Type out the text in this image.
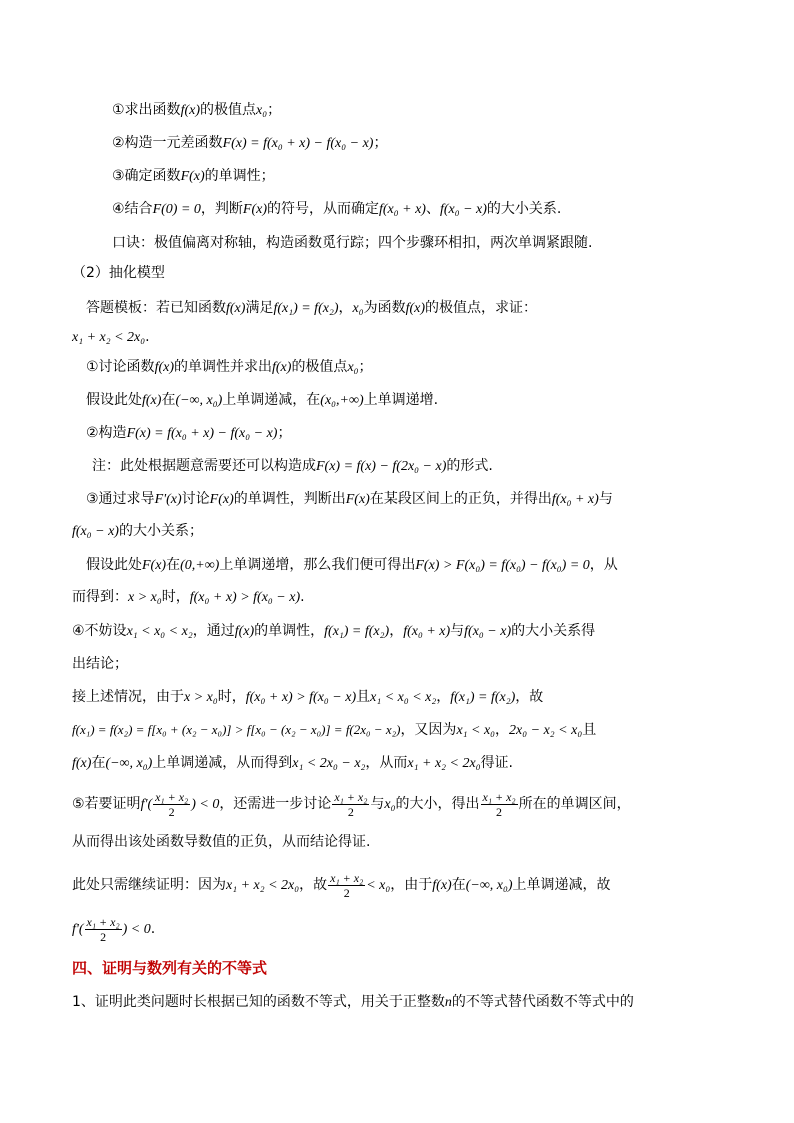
①求出函数f(x)的极值点x₀；
②构造一元差函数F(x) = f(x₀ + x) − f(x₀ − x)；
③确定函数F(x)的单调性；
④结合F(0) = 0，判断F(x)的符号，从而确定f(x₀ + x)、f(x₀ − x)的大小关系.
口诀：极值偏离对称轴，构造函数觅行踪；四个步骤环相扣，两次单调紧跟随.
（2）抽化模型
答题模板：若已知函数f(x)满足f(x₁) = f(x₂)，x₀为函数f(x)的极值点，求证：
x₁ + x₂ < 2x₀.
①讨论函数f(x)的单调性并求出f(x)的极值点x₀；
假设此处f(x)在(−∞, x₀)上单调递减，在(x₀,+∞)上单调递增.
②构造F(x) = f(x₀ + x) − f(x₀ − x)；
注：此处根据题意需要还可以构造成F(x) = f(x) − f(2x₀ − x)的形式.
③通过求导F'(x)讨论F(x)的单调性，判断出F(x)在某段区间上的正负，并得出f(x₀ + x)与
f(x₀ − x)的大小关系；
假设此处F(x)在(0,+∞)上单调递增，那么我们便可得出F(x) > F(x₀) = f(x₀) − f(x₀) = 0，从
而得到：x > x₀时，f(x₀ + x) > f(x₀ − x).
④不妨设x₁ < x₀ < x₂，通过f(x)的单调性，f(x₁) = f(x₂)，f(x₀ + x)与f(x₀ − x)的大小关系得
出结论；
接上述情况，由于x > x₀时，f(x₀ + x) > f(x₀ − x)且x₁ < x₀ < x₂，f(x₁) = f(x₂)，故
f(x₁) = f(x₂) = f[x₀ + (x₂ − x₀)] > f[x₀ − (x₂ − x₀)] = f(2x₀ − x₂)，又因为x₁ < x₀，2x₀ − x₂ < x₀且
f(x)在(−∞, x₀)上单调递减，从而得到x₁ < 2x₀ − x₂，从而x₁ + x₂ < 2x₀得证.
⑤若要证明$f'( \frac{\text{x₁ + x₂}}{2}$ ) < 0，还需进一步讨论 $\frac{\text{x₁ + x₂}}{2}$ 与x₀的大小，得出 $\frac{\text{x₁ + x₂}}{2}$ 所在的单调区间，
从而得出该处函数导数值的正负，从而结论得证.
此处只需继续证明：因为x₁ + x₂ < 2x₀，故 $\frac{\text{x₁ + x₂}}{2} < x_0$，由于f(x)在(−∞, x₀)上单调递减，故
$f'( \frac{\text{x₁ + x₂}}{2}$ ) < 0.
四、证明与数列有关的不等式
1、证明此类问题时长根据已知的函数不等式，用关于正整数n的不等式替代函数不等式中的
